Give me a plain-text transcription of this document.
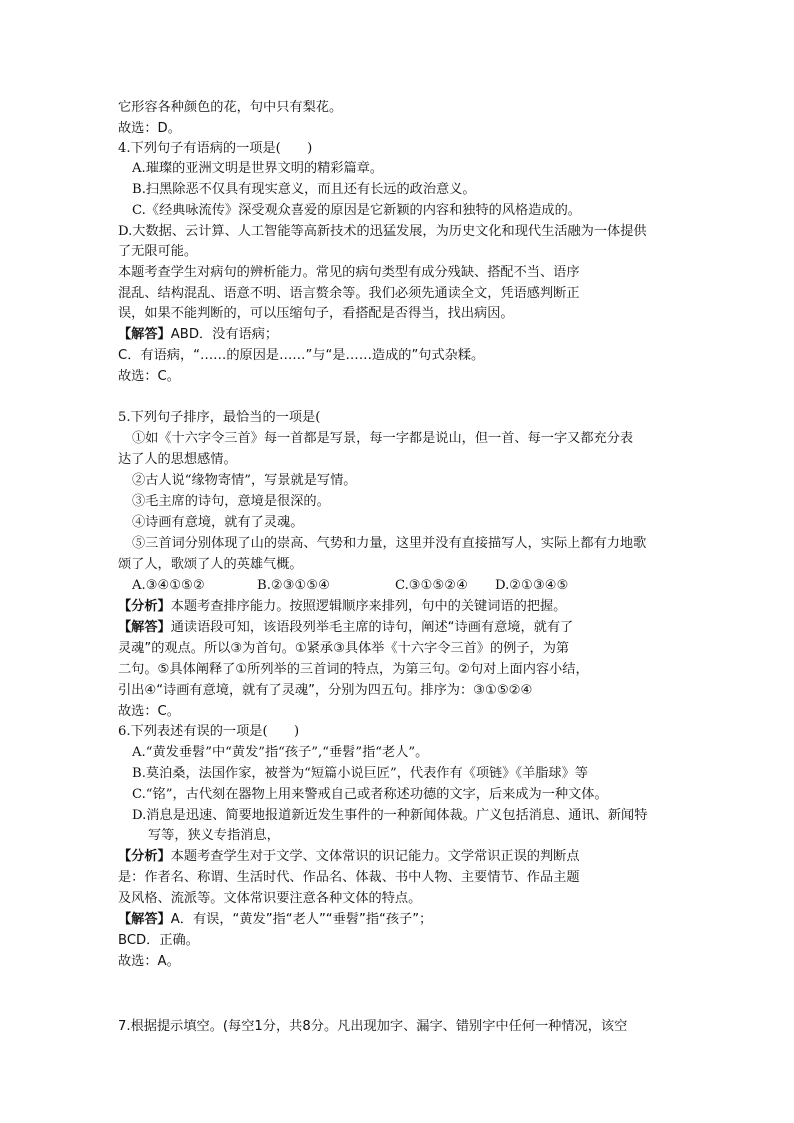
它形容各种颜色的花，句中只有梨花。
故选：D。
4.下列句子有语病的一项是(　　)
A.璀璨的亚洲文明是世界文明的精彩篇章。
B.扫黑除恶不仅具有现实意义，而且还有长远的政治意义。
C.《经典咏流传》深受观众喜爱的原因是它新颖的内容和独特的风格造成的。
D.大数据、云计算、人工智能等高新技术的迅猛发展，为历史文化和现代生活融为一体提供
了无限可能。
本题考查学生对病句的辨析能力。常见的病句类型有成分残缺、搭配不当、语序
混乱、结构混乱、语意不明、语言赘余等。我们必须先通读全文，凭语感判断正
误，如果不能判断的，可以压缩句子，看搭配是否得当，找出病因。
【解答】ABD．没有语病；
C．有语病，“……的原因是……”与“是……造成的”句式杂糅。
故选：C。
5.下列句子排序，最恰当的一项是(
①如《十六字令三首》每一首都是写景，每一字都是说山，但一首、每一字又都充分表
达了人的思想感情。
②古人说“缘物寄情”，写景就是写情。
③毛主席的诗句，意境是很深的。
④诗画有意境，就有了灵魂。
⑤三首词分别体现了山的崇高、气势和力量，这里并没有直接描写人，实际上都有力地歌
颂了人，歌颂了人的英雄气概。
A.③④①⑤②	B.②③①⑤④	C.③①⑤②④ D.②①③④⑤
【分析】本题考查排序能力。按照逻辑顺序来排列，句中的关键词语的把握。
【解答】通读语段可知，该语段列举毛主席的诗句，阐述“诗画有意境，就有了
灵魂”的观点。所以③为首句。①紧承③具体举《十六字令三首》的例子，为第
二句。⑤具体阐释了①所列举的三首词的特点，为第三句。②句对上面内容小结，
引出④“诗画有意境，就有了灵魂”，分别为四五句。排序为：③①⑤②④
故选：C。
6.下列表述有误的一项是(　　)
A.“黄发垂髫”中“黄发”指“孩子”,“垂髫”指“老人”。
B.莫泊桑，法国作家，被誉为“短篇小说巨匠”，代表作有《项链》《羊脂球》等
C.“铭”，古代刻在器物上用来警戒自己或者称述功德的文字，后来成为一种文体。
D.消息是迅速、简要地报道新近发生事件的一种新闻体裁。广义包括消息、通讯、新闻特
写等，狭义专指消息，
【分析】本题考查学生对于文学、文体常识的识记能力。文学常识正误的判断点
是：作者名、称谓、生活时代、作品名、体裁、书中人物、主要情节、作品主题
及风格、流派等。文体常识要注意各种文体的特点。
【解答】A．有误，“黄发”指“老人”“垂髫”指“孩子”；
BCD．正确。
故选：A。
7.根据提示填空。(每空1分，共8分。凡出现加字、漏字、错别字中任何一种情况，该空
